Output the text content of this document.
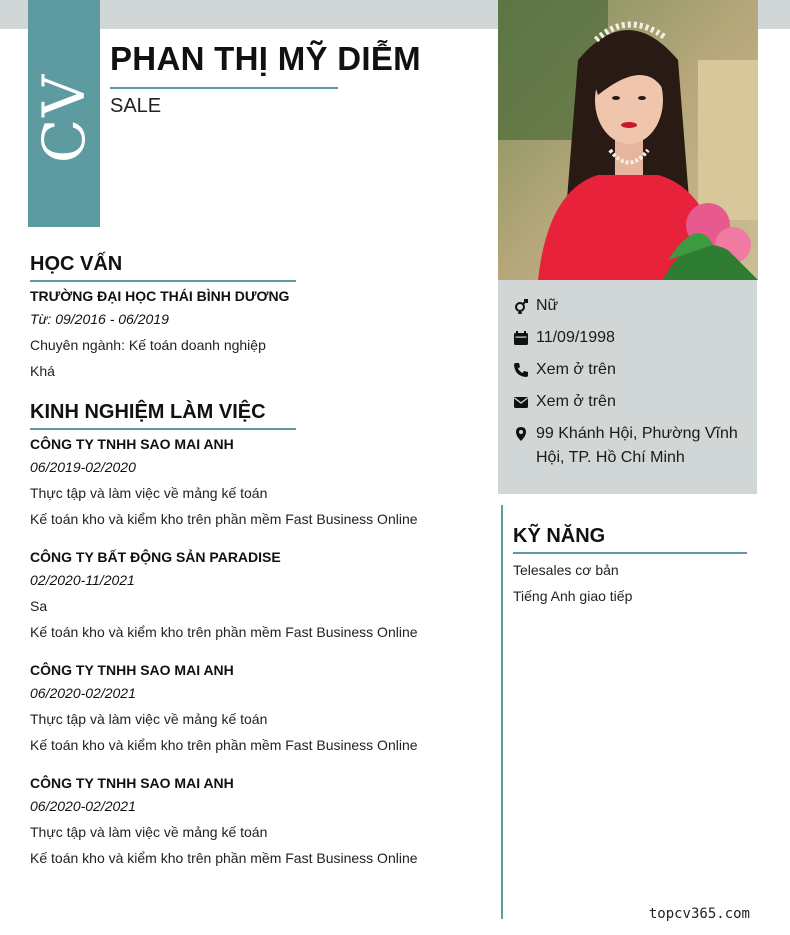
CV
PHAN THỊ MỸ DIỄM
SALE
Nữ
11/09/1998
Xem ở trên
Xem ở trên
99 Khánh Hội, Phường Vĩnh Hội, TP. Hồ Chí Minh
HỌC VẤN
TRƯỜNG ĐẠI HỌC THÁI BÌNH DƯƠNG
Từ: 09/2016 - 06/2019
Chuyên ngành: Kế toán doanh nghiệp
Khá
KINH NGHIỆM LÀM VIỆC
CÔNG TY TNHH SAO MAI ANH
06/2019-02/2020
Thực tập và làm việc về mảng kế toán
Kế toán kho và kiểm kho trên phần mềm Fast Business Online
CÔNG TY BẤT ĐỘNG SẢN PARADISE
02/2020-11/2021
Sa
Kế toán kho và kiểm kho trên phần mềm Fast Business Online
CÔNG TY TNHH SAO MAI ANH
06/2020-02/2021
Thực tập và làm việc về mảng kế toán
Kế toán kho và kiểm kho trên phần mềm Fast Business Online
CÔNG TY TNHH SAO MAI ANH
06/2020-02/2021
Thực tập và làm việc về mảng kế toán
Kế toán kho và kiểm kho trên phần mềm Fast Business Online
KỸ NĂNG
Telesales cơ bản
Tiếng Anh giao tiếp
topcv365.com
